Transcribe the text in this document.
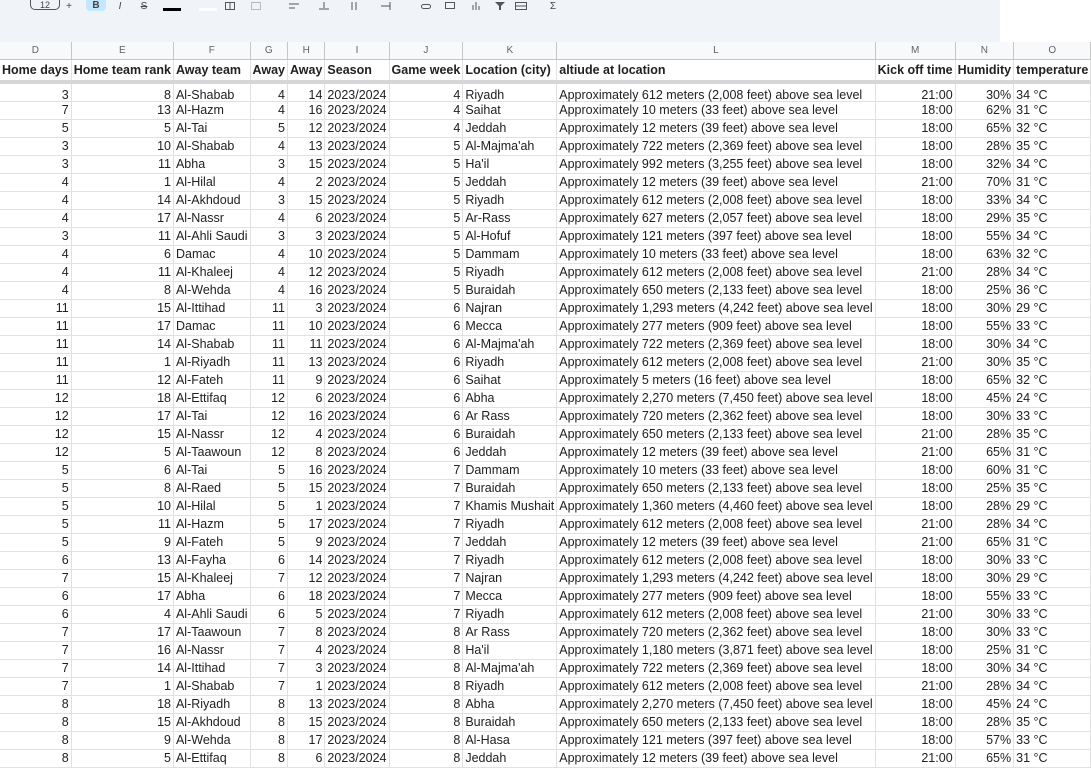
12	+	B	I	S	Σ
D	E	F	G	H	I	J	K	L	M	N	O
Home days	Home team rank	Away team	Away	Away	Season	Game week	Location (city)	altiude at location	Kick off time	Humidity	temperature
3	8	Al-Shabab	4	14	2023/2024	4	Riyadh	Approximately 612 meters (2,008 feet) above sea level	21:00	30%	34 °C
7	13	Al-Hazm	4	16	2023/2024	4	Saihat	Approximately 10 meters (33 feet) above sea level	18:00	62%	31 °C
5	5	Al-Tai	5	12	2023/2024	4	Jeddah	Approximately 12 meters (39 feet) above sea level	18:00	65%	32 °C
3	10	Al-Shabab	4	13	2023/2024	5	Al-Majma'ah	Approximately 722 meters (2,369 feet) above sea level	18:00	28%	35 °C
3	11	Abha	3	15	2023/2024	5	Ha'il	Approximately 992 meters (3,255 feet) above sea level	18:00	32%	34 °C
4	1	Al-Hilal	4	2	2023/2024	5	Jeddah	Approximately 12 meters (39 feet) above sea level	21:00	70%	31 °C
4	14	Al-Akhdoud	3	15	2023/2024	5	Riyadh	Approximately 612 meters (2,008 feet) above sea level	18:00	33%	34 °C
4	17	Al-Nassr	4	6	2023/2024	5	Ar-Rass	Approximately 627 meters (2,057 feet) above sea level	18:00	29%	35 °C
3	11	Al-Ahli Saudi	3	3	2023/2024	5	Al-Hofuf	Approximately 121 meters (397 feet) above sea level	18:00	55%	34 °C
4	6	Damac	4	10	2023/2024	5	Dammam	Approximately 10 meters (33 feet) above sea level	18:00	63%	32 °C
4	11	Al-Khaleej	4	12	2023/2024	5	Riyadh	Approximately 612 meters (2,008 feet) above sea level	21:00	28%	34 °C
4	8	Al-Wehda	4	16	2023/2024	5	Buraidah	Approximately 650 meters (2,133 feet) above sea level	18:00	25%	36 °C
11	15	Al-Ittihad	11	3	2023/2024	6	Najran	Approximately 1,293 meters (4,242 feet) above sea level	18:00	30%	29 °C
11	17	Damac	11	10	2023/2024	6	Mecca	Approximately 277 meters (909 feet) above sea level	18:00	55%	33 °C
11	14	Al-Shabab	11	11	2023/2024	6	Al-Majma'ah	Approximately 722 meters (2,369 feet) above sea level	18:00	30%	34 °C
11	1	Al-Riyadh	11	13	2023/2024	6	Riyadh	Approximately 612 meters (2,008 feet) above sea level	21:00	30%	35 °C
11	12	Al-Fateh	11	9	2023/2024	6	Saihat	Approximately 5 meters (16 feet) above sea level	18:00	65%	32 °C
12	18	Al-Ettifaq	12	6	2023/2024	6	Abha	Approximately 2,270 meters (7,450 feet) above sea level	18:00	45%	24 °C
12	17	Al-Tai	12	16	2023/2024	6	Ar Rass	Approximately 720 meters (2,362 feet) above sea level	18:00	30%	33 °C
12	15	Al-Nassr	12	4	2023/2024	6	Buraidah	Approximately 650 meters (2,133 feet) above sea level	21:00	28%	35 °C
12	5	Al-Taawoun	12	8	2023/2024	6	Jeddah	Approximately 12 meters (39 feet) above sea level	21:00	65%	31 °C
5	6	Al-Tai	5	16	2023/2024	7	Dammam	Approximately 10 meters (33 feet) above sea level	18:00	60%	31 °C
5	8	Al-Raed	5	15	2023/2024	7	Buraidah	Approximately 650 meters (2,133 feet) above sea level	18:00	25%	35 °C
5	10	Al-Hilal	5	1	2023/2024	7	Khamis Mushait	Approximately 1,360 meters (4,460 feet) above sea level	18:00	28%	29 °C
5	11	Al-Hazm	5	17	2023/2024	7	Riyadh	Approximately 612 meters (2,008 feet) above sea level	21:00	28%	34 °C
5	9	Al-Fateh	5	9	2023/2024	7	Jeddah	Approximately 12 meters (39 feet) above sea level	21:00	65%	31 °C
6	13	Al-Fayha	6	14	2023/2024	7	Riyadh	Approximately 612 meters (2,008 feet) above sea level	18:00	30%	33 °C
7	15	Al-Khaleej	7	12	2023/2024	7	Najran	Approximately 1,293 meters (4,242 feet) above sea level	18:00	30%	29 °C
6	17	Abha	6	18	2023/2024	7	Mecca	Approximately 277 meters (909 feet) above sea level	18:00	55%	33 °C
6	4	Al-Ahli Saudi	6	5	2023/2024	7	Riyadh	Approximately 612 meters (2,008 feet) above sea level	21:00	30%	33 °C
7	17	Al-Taawoun	7	8	2023/2024	8	Ar Rass	Approximately 720 meters (2,362 feet) above sea level	18:00	30%	33 °C
7	16	Al-Nassr	7	4	2023/2024	8	Ha'il	Approximately 1,180 meters (3,871 feet) above sea level	18:00	25%	31 °C
7	14	Al-Ittihad	7	3	2023/2024	8	Al-Majma'ah	Approximately 722 meters (2,369 feet) above sea level	18:00	30%	34 °C
7	1	Al-Shabab	7	1	2023/2024	8	Riyadh	Approximately 612 meters (2,008 feet) above sea level	21:00	28%	34 °C
8	18	Al-Riyadh	8	13	2023/2024	8	Abha	Approximately 2,270 meters (7,450 feet) above sea level	18:00	45%	24 °C
8	15	Al-Akhdoud	8	15	2023/2024	8	Buraidah	Approximately 650 meters (2,133 feet) above sea level	18:00	28%	35 °C
8	9	Al-Wehda	8	17	2023/2024	8	Al-Hasa	Approximately 121 meters (397 feet) above sea level	18:00	57%	33 °C
8	5	Al-Ettifaq	8	6	2023/2024	8	Jeddah	Approximately 12 meters (39 feet) above sea level	21:00	65%	31 °C
